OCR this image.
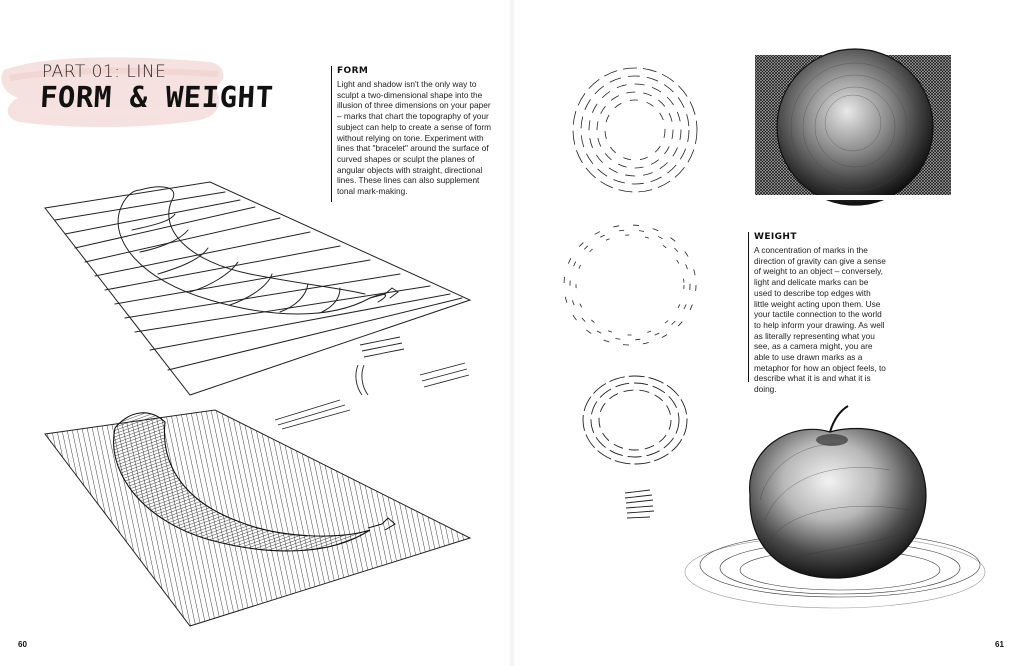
PART 01: LINE
FORM & WEIGHT
FORM

Light and shadow isn't the only way to sculpt a two-dimensional shape into the illusion of three dimensions on your paper – marks that chart the topography of your subject can help to create a sense of form without relying on tone. Experiment with lines that "bracelet" around the surface of curved shapes or sculpt the planes of angular objects with straight, directional lines. These lines can also supplement tonal mark-making.

WEIGHT

A concentration of marks in the direction of gravity can give a sense of weight to an object – conversely, light and delicate marks can be used to describe top edges with little weight acting upon them. Use your tactile connection to the world to help inform your drawing. As well as literally representing what you see, as a camera might, you are able to use drawn marks as a metaphor for how an object feels, to describe what it is and what it is doing.

60	61
